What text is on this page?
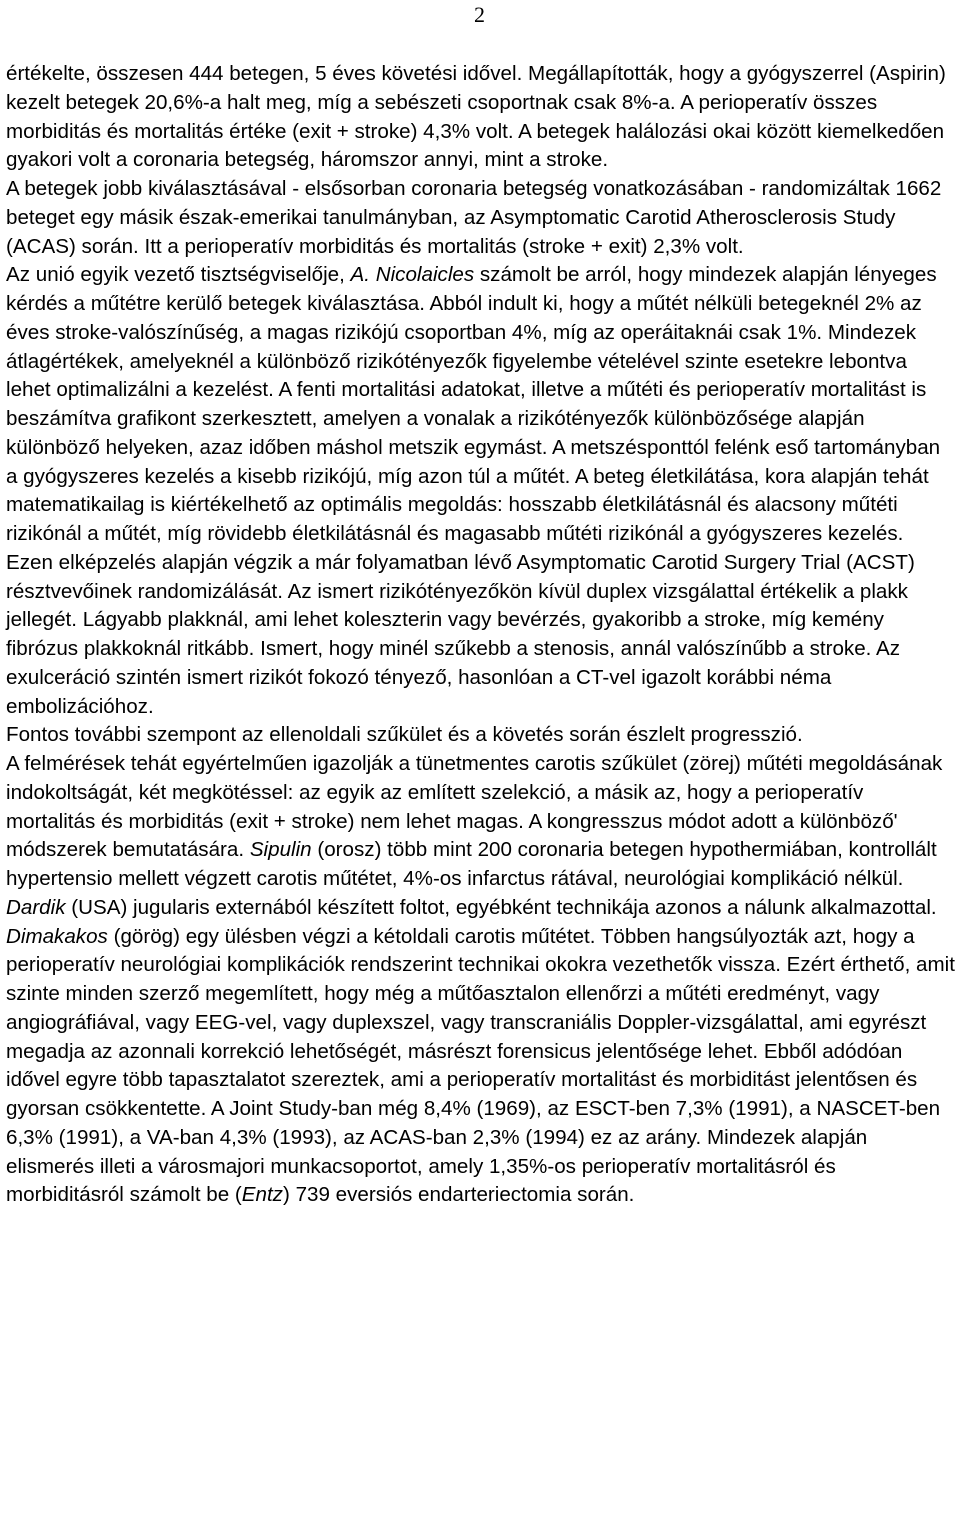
2

értékelte, összesen 444 betegen, 5 éves követési idővel. Megállapították, hogy a gyógyszerrel (Aspirin) kezelt betegek 20,6%-a halt meg, míg a sebészeti csoportnak csak 8%-a. A perioperatív összes morbiditás és mortalitás értéke (exit + stroke) 4,3% volt. A betegek halálozási okai között kiemelkedően gyakori volt a coronaria betegség, háromszor annyi, mint a stroke.

A betegek jobb kiválasztásával - elsősorban coronaria betegség vonatkozásában - randomizáltak 1662 beteget egy másik észak-emerikai tanulmányban, az Asymptomatic Carotid Atherosclerosis Study (ACAS) során. Itt a perioperatív morbiditás és mortalitás (stroke + exit) 2,3% volt.

Az unió egyik vezető tisztségviselője, A. Nicolaicles számolt be arról, hogy mindezek alapján lényeges kérdés a műtétre kerülő betegek kiválasztása. Abból indult ki, hogy a műtét nélküli betegeknél 2% az éves stroke-valószínűség, a magas rizikójú csoportban 4%, míg az operáitaknái csak 1%. Mindezek átlagértékek, amelyeknél a különböző rizikótényezők figyelembe vételével szinte esetekre lebontva lehet optimalizálni a kezelést. A fenti mortalitási adatokat, illetve a műtéti és perioperatív mortalitást is beszámítva grafikont szerkesztett, amelyen a vonalak a rizikótényezők különbözősége alapján különböző helyeken, azaz időben máshol metszik egymást. A metszésponttól felénk eső tartományban a gyógyszeres kezelés a kisebb rizikójú, míg azon túl a műtét. A beteg életkilátása, kora alapján tehát matematikailag is kiértékelhető az optimális megoldás: hosszabb életkilátásnál és alacsony műtéti rizikónál a műtét, míg rövidebb életkilátásnál és magasabb műtéti rizikónál a gyógyszeres kezelés. Ezen elképzelés alapján végzik a már folyamatban lévő Asymptomatic Carotid Surgery Trial (ACST) résztvevőinek randomizálását. Az ismert rizikótényezőkön kívül duplex vizsgálattal értékelik a plakk jellegét. Lágyabb plakknál, ami lehet koleszterin vagy bevérzés, gyakoribb a stroke, míg kemény fibrózus plakkoknál ritkább. Ismert, hogy minél szűkebb a stenosis, annál valószínűbb a stroke. Az exulceráció szintén ismert rizikót fokozó tényező, hasonlóan a CT-vel igazolt korábbi néma embolizációhoz.

Fontos további szempont az ellenoldali szűkület és a követés során észlelt progresszió.

A felmérések tehát egyértelműen igazolják a tünetmentes carotis szűkület (zörej) műtéti megoldásának indokoltságát, két megkötéssel: az egyik az említett szelekció, a másik az, hogy a perioperatív mortalitás és morbiditás (exit + stroke) nem lehet magas. A kongresszus módot adott a különböző' módszerek bemutatására. Sipulin (orosz) több mint 200 coronaria betegen hypothermiában, kontrollált hypertensio mellett végzett carotis műtétet, 4%-os infarctus rátával, neurológiai komplikáció nélkül. Dardik (USA) jugularis externából készített foltot, egyébként technikája azonos a nálunk alkalmazottal. Dimakakos (görög) egy ülésben végzi a kétoldali carotis műtétet. Többen hangsúlyozták azt, hogy a perioperatív neurológiai komplikációk rendszerint technikai okokra vezethetők vissza. Ezért érthető, amit szinte minden szerző megemlített, hogy még a műtőasztalon ellenőrzi a műtéti eredményt, vagy angiográfiával, vagy EEG-vel, vagy duplexszel, vagy transcraniális Doppler-vizsgálattal, ami egyrészt megadja az azonnali korrekció lehetőségét, másrészt forensicus jelentősége lehet. Ebből adódóan idővel egyre több tapasztalatot szereztek, ami a perioperatív mortalitást és morbiditást jelentősen és gyorsan csökkentette. A Joint Study-ban még 8,4% (1969), az ESCT-ben 7,3% (1991), a NASCET-ben 6,3% (1991), a VA-ban 4,3% (1993), az ACAS-ban 2,3% (1994) ez az arány. Mindezek alapján elismerés illeti a városmajori munkacsoportot, amely 1,35%-os perioperatív mortalitásról és morbiditásról számolt be (Entz) 739 eversiós endarteriectomia során.
